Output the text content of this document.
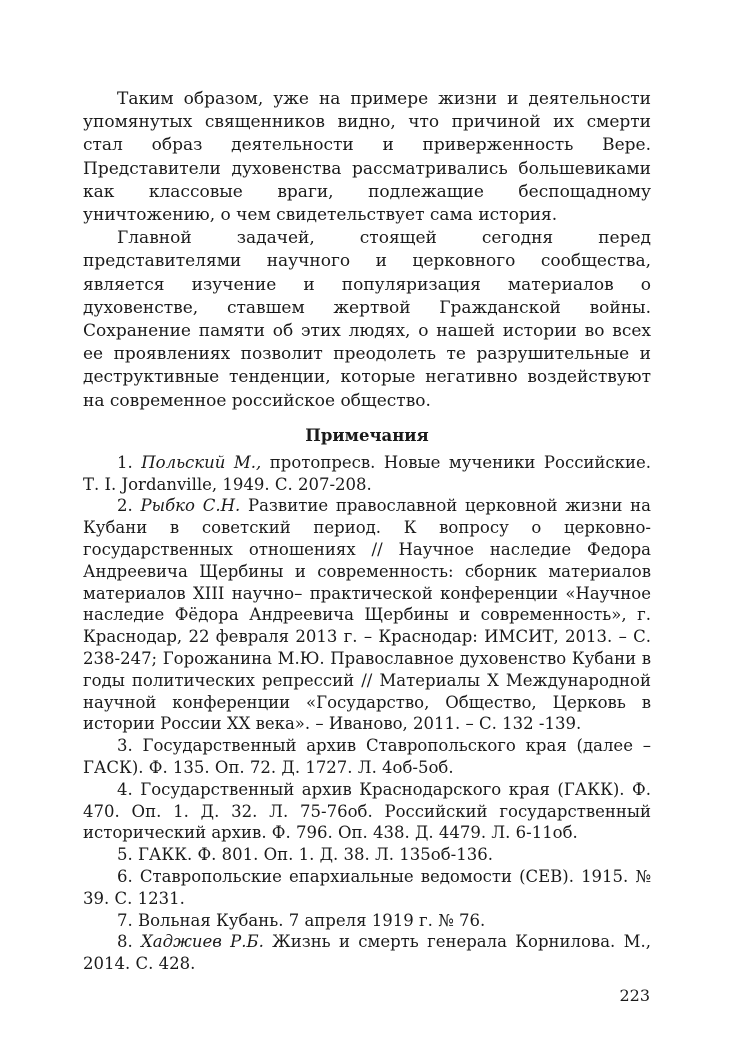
Таким образом, уже на примере жизни и деятельности упомянутых священников видно, что причиной их смерти стал образ деятельности и приверженность Вере. Представители духовенства рассматривались большевиками как классовые враги, подлежащие беспощадному уничтожению, о чем свидетельствует сама история.

Главной задачей, стоящей сегодня перед представителями научного и церковного сообщества, является изучение и популяризация материалов о духовенстве, ставшем жертвой Гражданской войны. Сохранение памяти об этих людях, о нашей истории во всех ее проявлениях позволит преодолеть те разрушительные и деструктивные тенденции, которые негативно воздействуют на современное российское общество.

Примечания

1. Польский М., протопресв. Новые мученики Российские. Т. I. Jordanville, 1949. С. 207-208.

2. Рыбко С.Н. Развитие православной церковной жизни на Кубани в советский период. К вопросу о церковно-государственных отношениях // Научное наследие Федора Андреевича Щербины и современность: сборник материалов материалов XIII научно– практической конференции «Научное наследие Фёдора Андреевича Щербины и современность», г. Краснодар, 22 февраля 2013 г. – Краснодар: ИМСИТ, 2013. – С. 238-247; Горожанина М.Ю. Православное духовенство Кубани в годы политических репрессий // Материалы X Международной научной конференции «Государство, Общество, Церковь в истории России XX века». – Иваново, 2011. – С. 132 -139.

3. Государственный архив Ставропольского края (далее – ГАСК). Ф. 135. Оп. 72. Д. 1727. Л. 4об-5об.

4. Государственный архив Краснодарского края (ГАКК). Ф. 470. Оп. 1. Д. 32. Л. 75-76об. Российский государственный исторический архив. Ф. 796. Оп. 438. Д. 4479. Л. 6-11об.

5. ГАКК. Ф. 801. Оп. 1. Д. 38. Л. 135об-136.

6. Ставропольские епархиальные ведомости (СЕВ). 1915. № 39. С. 1231.

7. Вольная Кубань. 7 апреля 1919 г. № 76.

8. Хаджиев Р.Б. Жизнь и смерть генерала Корнилова. М., 2014. С. 428.

223
